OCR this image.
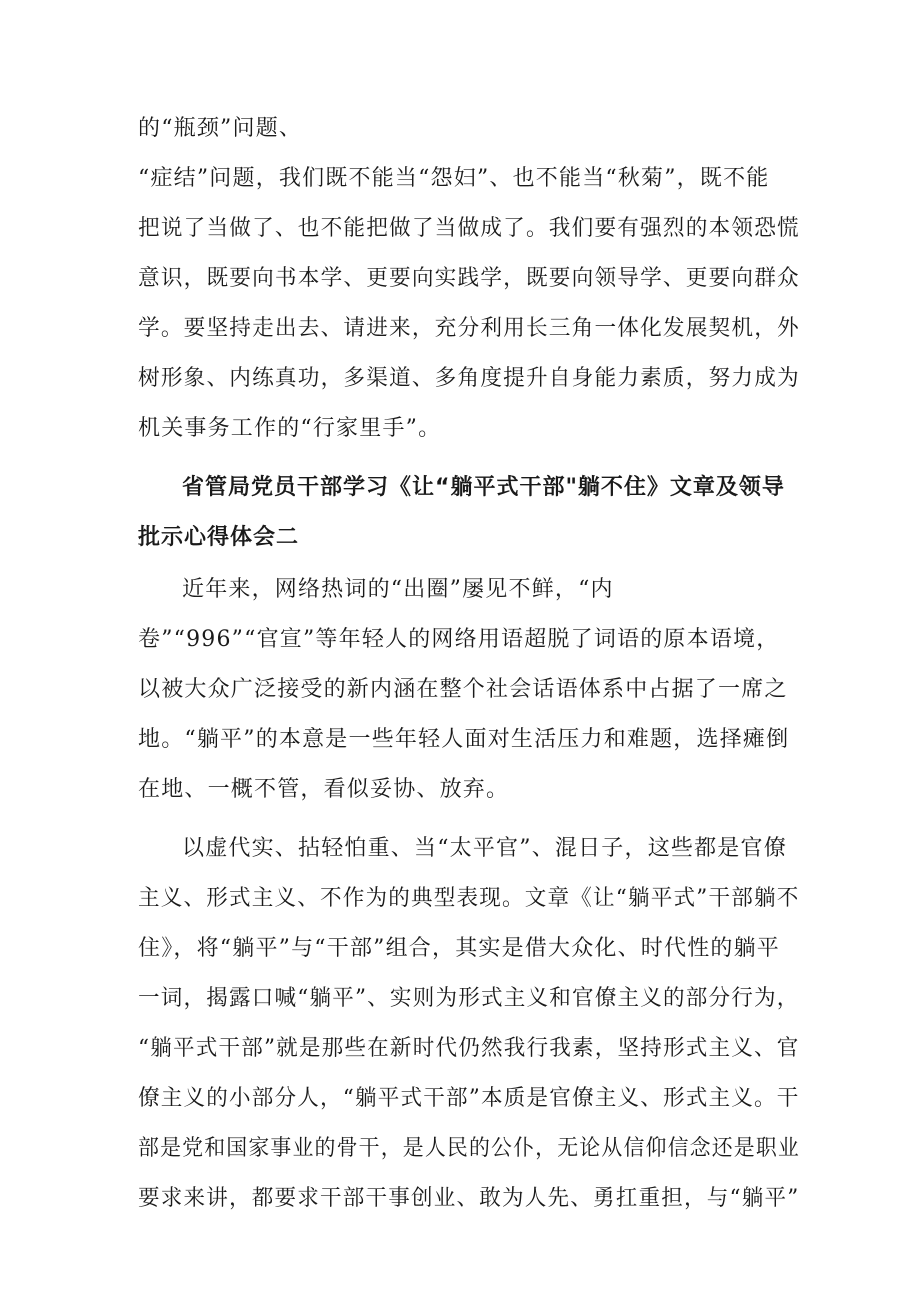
的“瓶颈”问题、
“症结”问题，我们既不能当“怨妇”、也不能当“秋菊”，既不能
把说了当做了、也不能把做了当做成了。我们要有强烈的本领恐慌
意识，既要向书本学、更要向实践学，既要向领导学、更要向群众
学。要坚持走出去、请进来，充分利用长三角一体化发展契机，外
树形象、内练真功，多渠道、多角度提升自身能力素质，努力成为
机关事务工作的“行家里手”。
省管局党员干部学习《让“躺平式干部"躺不住》文章及领导
批示心得体会二
近年来，网络热词的“出圈”屡见不鲜，“内
卷”“996”“官宣”等年轻人的网络用语超脱了词语的原本语境，
以被大众广泛接受的新内涵在整个社会话语体系中占据了一席之
地。“躺平”的本意是一些年轻人面对生活压力和难题，选择瘫倒
在地、一概不管，看似妥协、放弃。
以虚代实、拈轻怕重、当“太平官”、混日子，这些都是官僚
主义、形式主义、不作为的典型表现。文章《让“躺平式”干部躺不
住》，将“躺平”与“干部”组合，其实是借大众化、时代性的躺平
一词，揭露口喊“躺平”、实则为形式主义和官僚主义的部分行为，
“躺平式干部”就是那些在新时代仍然我行我素，坚持形式主义、官
僚主义的小部分人，“躺平式干部”本质是官僚主义、形式主义。干
部是党和国家事业的骨干，是人民的公仆，无论从信仰信念还是职业
要求来讲，都要求干部干事创业、敢为人先、勇扛重担，与“躺平”
